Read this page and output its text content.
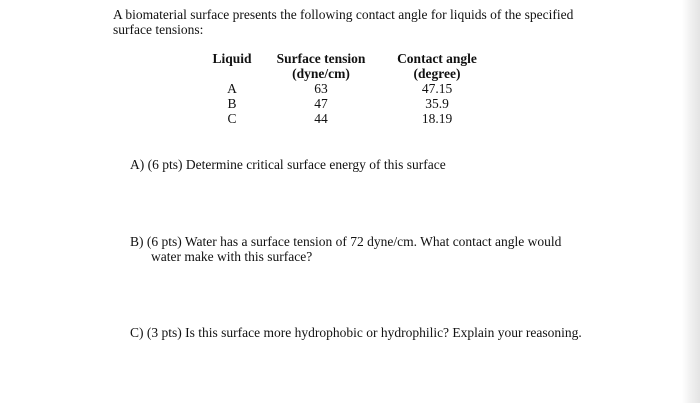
A biomaterial surface presents the following contact angle for liquids of the specified surface tensions:
Liquid

A
B
C
Surface tension
(dyne/cm)
63
47
44
Contact angle
(degree)
47.15
35.9
18.19
A) (6 pts) Determine critical surface energy of this surface
B) (6 pts) Water has a surface tension of 72 dyne/cm. What contact angle would
water make with this surface?
C) (3 pts) Is this surface more hydrophobic or hydrophilic? Explain your reasoning.
